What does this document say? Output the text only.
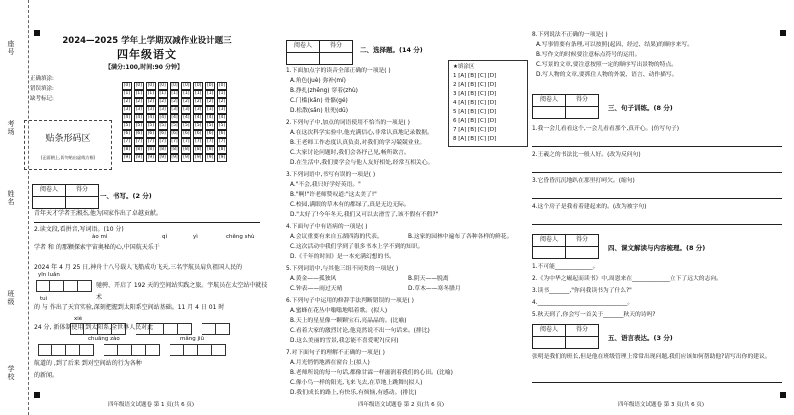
座号
考场
姓名
班级
学校
2024—2025 学年上学期双减作业设计题三
四年级语文
【满分:100,时间:90 分钟】
正确填涂:
错误填涂:
缺考标记:
[0]	[0]	[0]	[0]	[0]	[0]	[0]	[0]	[0]
[1]	[1]	[1]	[1]	[1]	[1]	[1]	[1]	[1]
[2]	[2]	[2]	[2]	[2]	[2]	[2]	[2]	[2]
[3]	[3]	[3]	[3]	[3]	[3]	[3]	[3]	[3]
[4]	[4]	[4]	[4]	[4]	[4]	[4]	[4]	[4]
[5]	[5]	[5]	[5]	[5]	[5]	[5]	[5]	[5]
[6]	[6]	[6]	[6]	[6]	[6]	[6]	[6]	[6]
[7]	[7]	[7]	[7]	[7]	[7]	[7]	[7]	[7]
[8]	[8]	[8]	[8]	[8]	[8]	[8]	[8]	[8]
[9]	[9]	[9]	[9]	[9]	[9]	[9]	[9]	[9]
贴条形码区
(正面朝上,切勿贴出虚线方框)
阅卷人	得分

一、书写。(2 分)
青年天才学者王湘杰,他为国家作出了卓越贡献。
2.读文段,看拼音,写词语。(10 分)
ào mì	qí	yì	chěng shù
学者 和 的那颗探索宇宙奥秘的心,中国航天乐于
2024 年 4 月 25 日,神舟十八号载人飞船成功飞天,三名宇航员肩负祖国人民的
yīn luǎn
驰骋、开启了 192 天的空间站实践之旅。宇航员在太空站中就技术
tuì
的 与 作出了天宫实验,深刻把握到太阳系空间站基础。11 月 4 日 01 时
xiè
24 分, 新体制使用 到太阳系,全世界人民对此
chuāng zào	mǎng jiū
航道的 ,到了后来 到对空间站的行为各种
的新闻。
四年级语文试题卷 第 1 页(共 6 页)
阅卷人	得分

二、选择题。(14 分)
1.下面加点字的读音全部正确的一项是( )
A.角色(juè) 弥补(mí)
B.挣扎(zhēng) 穿着(zhù)
C.门槛(kǎn) 骨骼(gé)
D.松散(sǎn) 肚兜(dū)
★填涂区
1 [A] [B] [C] [D]
2 [A] [B] [C] [D]
3 [A] [B] [C] [D]
4 [A] [B] [C] [D]
5 [A] [B] [C] [D]
6 [A] [B] [C] [D]
7 [A] [B] [C] [D]
8 [A] [B] [C] [D]
2.下列句子中,加点的词语使用不恰当的一项是( )
A.在这次科学实验中,他充满信心,非常认真地记录数据。
B.王老师工作态度认真负责,对我们的学习兢兢业业。
C.大家讨论问题时,我们会各抒己见,畅所欲言。
D.在生活中,我们要学会与他人友好相处,经常互相关心。
3.下列词语中,书写有误的一项是( )
A."不会,我只好学好英语。"
B."啊!"许老师赞叹道:"这太美了!"
C.校园,满眼的草木有的都绿了,真是无边无际。
D."太好了!今年冬天,我们又可以去滑雪了,该不假有不假?"
4.下面句子中有语病的一项是( )
A.会议重要有来自五湖四海的代表。	B.这家的园林中遍布了各种各样的鲜花。
C.这次活动中我们学到了很多书本上学不到的知识。
D.《千年的时间》是一本充满幻想的书。
5.下列词语中,与其他三组不同类的一项是( )
A.黄金——孤独风	B.阴天——脱离
C.钟表——雨过天晴	D.草木——寒冬腊月
6.下列句子中运用的修辞手法判断错误的一项是( )
A.蜜蜂在花丛中嗡嗡地唱着歌。(拟人)
B.天上的星星像一颗颗宝石,亮晶晶的。(比喻)
C.看着大家的激烈讨论,他竟然说不出一句话来。(排比)
D.这么美丽的雪景,我怎能不喜爱呢?(反问)
7.对下面句子的理解不正确的一项是( )
A.月光悄悄地洒在窗台上(拟人)
B.老师所说的每一句话,都像甘霖一样滋润着我们的心田。(比喻)
C.像小鸟一样的阳光,飞来飞去,在草地上跳舞!(拟人)
D.我们成长的路上,有快乐,有烦恼,有感动。(排比)
四年级语文试题卷 第 2 页(共 6 页)
8.下列说法不正确的一项是( )
A.写事情要有条理,可以按照(起因、经过、结果)的顺序来写。
B.写作文的时候要注意标点符号的运用。
C.写景的文章,要注意按照一定的顺序写出景物的特点。
D.写人物的文章,要抓住人物的外貌、语言、动作描写。
阅卷人	得分

三、句子训练。(8 分)
1.我一会儿看看这个,一会儿看看那个,真开心。(仿写句子)
2.王羲之的书法比一般人好。(改为反问句)
3.它昏昏沉沉地趴在那里打呵欠。(缩句)
4.这个房子是我看着建起来的。(改为被字句)
阅卷人	得分

四、课文解读与内容梳理。(8 分)
1.不可能_____________。
2.《为中华之崛起而读书》中,周恩来在_____________立下了远大的志向。
3.读书_______,"你问我读书为了什么?"
4._______________________________。
5.秋天到了,你会写一首关于_______秋天的诗吗?
阅卷人	得分

五、语言表达。(3 分)
张明是我们的班长,但是他在班级管理上常常出现问题,我们应该如何帮助他?请写出你的建议。
四年级语文试题卷 第 3 页(共 6 页)
